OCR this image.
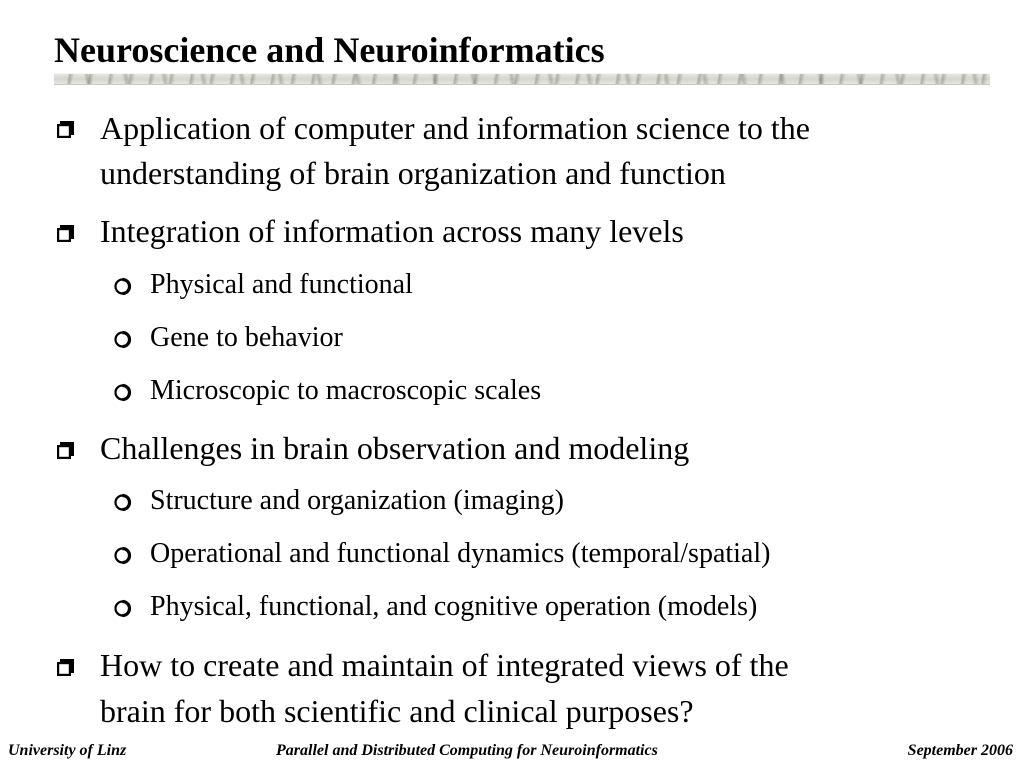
Neuroscience and Neuroinformatics
Application of computer and information science to the
understanding of brain organization and function
Integration of information across many levels
Physical and functional
Gene to behavior
Microscopic to macroscopic scales
Challenges in brain observation and modeling
Structure and organization (imaging)
Operational and functional dynamics (temporal/spatial)
Physical, functional, and cognitive operation (models)
How to create and maintain of integrated views of the
brain for both scientific and clinical purposes?
University of Linz	Parallel and Distributed Computing for Neuroinformatics	September 2006
